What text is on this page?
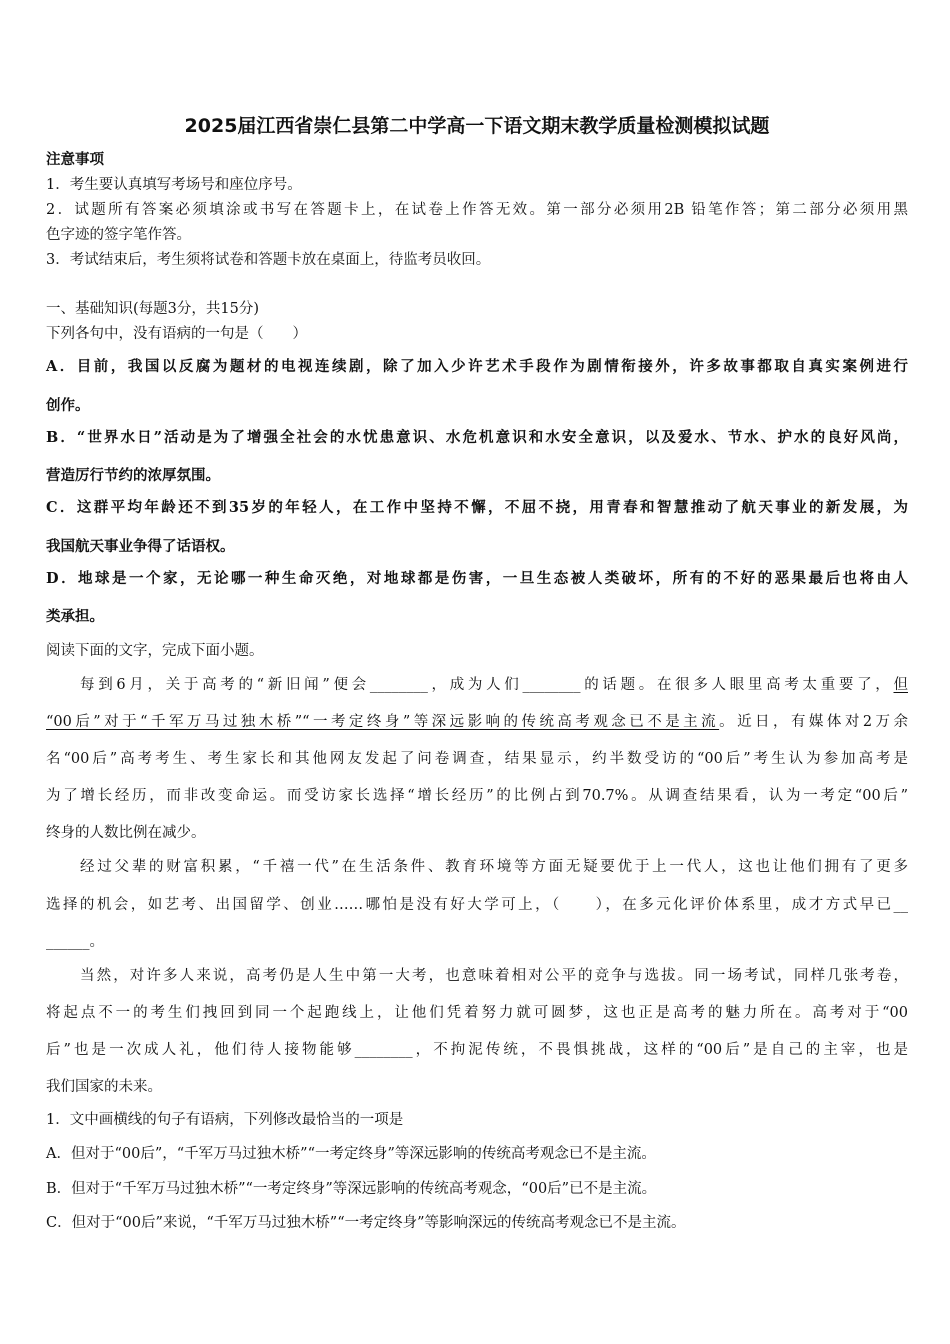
2025届江西省崇仁县第二中学高一下语文期末教学质量检测模拟试题
注意事项
1．考生要认真填写考场号和座位序号。
2．试题所有答案必须填涂或书写在答题卡上，在试卷上作答无效。第一部分必须用2B 铅笔作答；第二部分必须用黑
色字迹的签字笔作答。
3．考试结束后，考生须将试卷和答题卡放在桌面上，待监考员收回。
一、基础知识(每题3分，共15分)
下列各句中，没有语病的一句是（　　）
A．目前，我国以反腐为题材的电视连续剧，除了加入少许艺术手段作为剧情衔接外，许多故事都取自真实案例进行
创作。
B．“世界水日”活动是为了增强全社会的水忧患意识、水危机意识和水安全意识，以及爱水、节水、护水的良好风尚，
营造厉行节约的浓厚氛围。
C．这群平均年龄还不到35岁的年轻人，在工作中坚持不懈，不屈不挠，用青春和智慧推动了航天事业的新发展，为
我国航天事业争得了话语权。
D．地球是一个家，无论哪一种生命灭绝，对地球都是伤害，一旦生态被人类破坏，所有的不好的恶果最后也将由人
类承担。
阅读下面的文字，完成下面小题。
每到6月，关于高考的“新旧闻”便会________，成为人们________的话题。在很多人眼里高考太重要了，但
“00后”对于“千军万马过独木桥”“一考定终身”等深远影响的传统高考观念已不是主流。近日，有媒体对2万余
名“00后”高考考生、考生家长和其他网友发起了问卷调查，结果显示，约半数受访的“00后”考生认为参加高考是
为了增长经历，而非改变命运。而受访家长选择“增长经历”的比例占到70.7%。从调查结果看，认为一考定“00后”
终身的人数比例在减少。
经过父辈的财富积累，“千禧一代”在生活条件、教育环境等方面无疑要优于上一代人，这也让他们拥有了更多
选择的机会，如艺考、出国留学、创业……哪怕是没有好大学可上，（　　），在多元化评价体系里，成才方式早已__
______。
当然，对许多人来说，高考仍是人生中第一大考，也意味着相对公平的竞争与选拔。同一场考试，同样几张考卷，
将起点不一的考生们拽回到同一个起跑线上，让他们凭着努力就可圆梦，这也正是高考的魅力所在。高考对于“00
后”也是一次成人礼，他们待人接物能够________，不拘泥传统，不畏惧挑战，这样的“00后”是自己的主宰，也是
我们国家的未来。
1．文中画横线的句子有语病，下列修改最恰当的一项是
A．但对于“00后”，“千军万马过独木桥”“一考定终身”等深远影响的传统高考观念已不是主流。
B．但对于“千军万马过独木桥”“一考定终身”等深远影响的传统高考观念，“00后”已不是主流。
C．但对于“00后”来说，“千军万马过独木桥”“一考定终身”等影响深远的传统高考观念已不是主流。
